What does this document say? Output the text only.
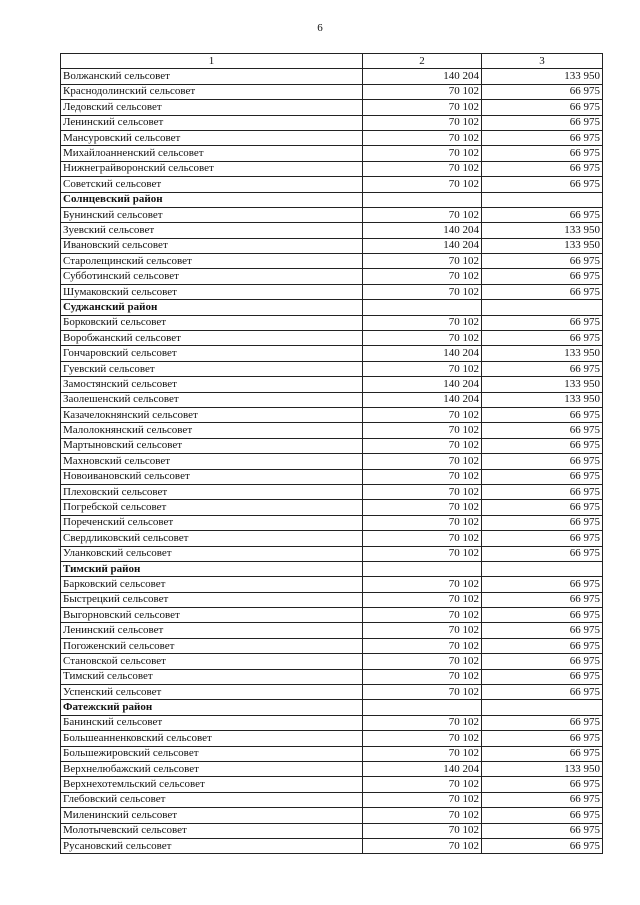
6
1	2	3
Волжанский сельсовет	140 204	133 950
Краснодолинский сельсовет	70 102	66 975
Ледовский сельсовет	70 102	66 975
Ленинский сельсовет	70 102	66 975
Мансуровский сельсовет	70 102	66 975
Михайлоанненский сельсовет	70 102	66 975
Нижнеграйворонский сельсовет	70 102	66 975
Советский сельсовет	70 102	66 975
Солнцевский район		
Бунинский сельсовет	70 102	66 975
Зуевский сельсовет	140 204	133 950
Ивановский сельсовет	140 204	133 950
Старолещинский сельсовет	70 102	66 975
Субботинский сельсовет	70 102	66 975
Шумаковский сельсовет	70 102	66 975
Суджанский район		
Борковский сельсовет	70 102	66 975
Воробжанский сельсовет	70 102	66 975
Гончаровский сельсовет	140 204	133 950
Гуевский сельсовет	70 102	66 975
Замостянский сельсовет	140 204	133 950
Заолешенский сельсовет	140 204	133 950
Казачелокнянский сельсовет	70 102	66 975
Малолокнянский сельсовет	70 102	66 975
Мартыновский сельсовет	70 102	66 975
Махновский сельсовет	70 102	66 975
Новоивановский сельсовет	70 102	66 975
Плеховский сельсовет	70 102	66 975
Погребской сельсовет	70 102	66 975
Пореченский сельсовет	70 102	66 975
Свердликовский сельсовет	70 102	66 975
Уланковский сельсовет	70 102	66 975
Тимский район		
Барковский сельсовет	70 102	66 975
Быстрецкий сельсовет	70 102	66 975
Выгорновский сельсовет	70 102	66 975
Ленинский сельсовет	70 102	66 975
Погоженский сельсовет	70 102	66 975
Становской сельсовет	70 102	66 975
Тимский сельсовет	70 102	66 975
Успенский сельсовет	70 102	66 975
Фатежский район		
Банинский сельсовет	70 102	66 975
Большеанненковский сельсовет	70 102	66 975
Большежировский сельсовет	70 102	66 975
Верхнелюбажский сельсовет	140 204	133 950
Верхнехотемльский сельсовет	70 102	66 975
Глебовский сельсовет	70 102	66 975
Миленинский сельсовет	70 102	66 975
Молотычевский сельсовет	70 102	66 975
Русановский сельсовет	70 102	66 975
